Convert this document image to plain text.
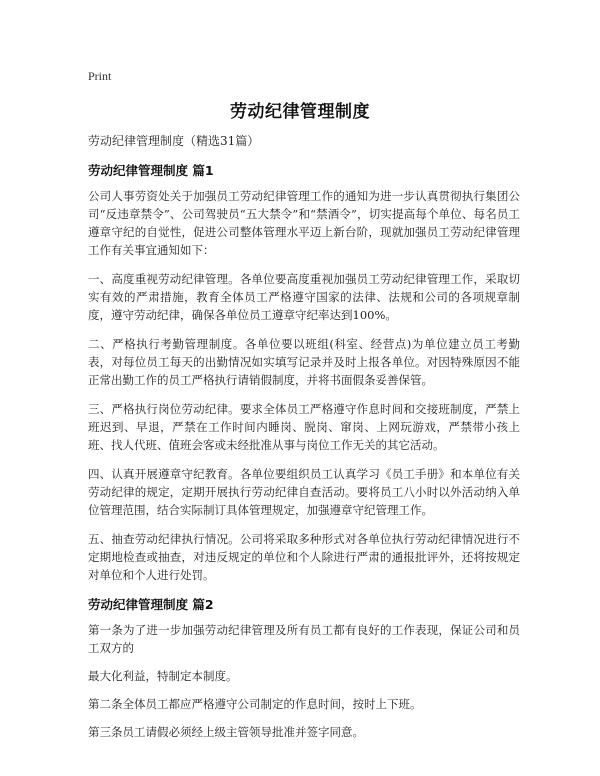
Print
劳动纪律管理制度
劳动纪律管理制度（精选31篇）
劳动纪律管理制度 篇1

公司人事劳资处关于加强员工劳动纪律管理工作的通知为进一步认真贯彻执行集团公司“反违章禁令”、公司驾驶员“五大禁令”和“禁酒令”，切实提高每个单位、每名员工遵章守纪的自觉性，促进公司整体管理水平迈上新台阶，现就加强员工劳动纪律管理工作有关事宜通知如下：

一、高度重视劳动纪律管理。各单位要高度重视加强员工劳动纪律管理工作，采取切实有效的严肃措施，教育全体员工严格遵守国家的法律、法规和公司的各项规章制度，遵守劳动纪律，确保各单位员工遵章守纪率达到100%。

二、严格执行考勤管理制度。各单位要以班组(科室、经营点)为单位建立员工考勤表，对每位员工每天的出勤情况如实填写记录并及时上报各单位。对因特殊原因不能正常出勤工作的员工严格执行请销假制度，并将书面假条妥善保管。

三、严格执行岗位劳动纪律。要求全体员工严格遵守作息时间和交接班制度，严禁上班迟到、早退，严禁在工作时间内睡岗、脱岗、窜岗、上网玩游戏，严禁带小孩上班、找人代班、值班会客或未经批准从事与岗位工作无关的其它活动。

四、认真开展遵章守纪教育。各单位要组织员工认真学习《员工手册》和本单位有关劳动纪律的规定，定期开展执行劳动纪律自查活动。要将员工八小时以外活动纳入单位管理范围，结合实际制订具体管理规定，加强遵章守纪管理工作。

五、抽查劳动纪律执行情况。公司将采取多种形式对各单位执行劳动纪律情况进行不定期地检查或抽查，对违反规定的单位和个人除进行严肃的通报批评外，还将按规定对单位和个人进行处罚。

劳动纪律管理制度 篇2

第一条为了进一步加强劳动纪律管理及所有员工都有良好的工作表现，保证公司和员工双方的

最大化利益，特制定本制度。

第二条全体员工都应严格遵守公司制定的作息时间，按时上下班。

第三条员工请假必须经上级主管领导批准并签字同意。
